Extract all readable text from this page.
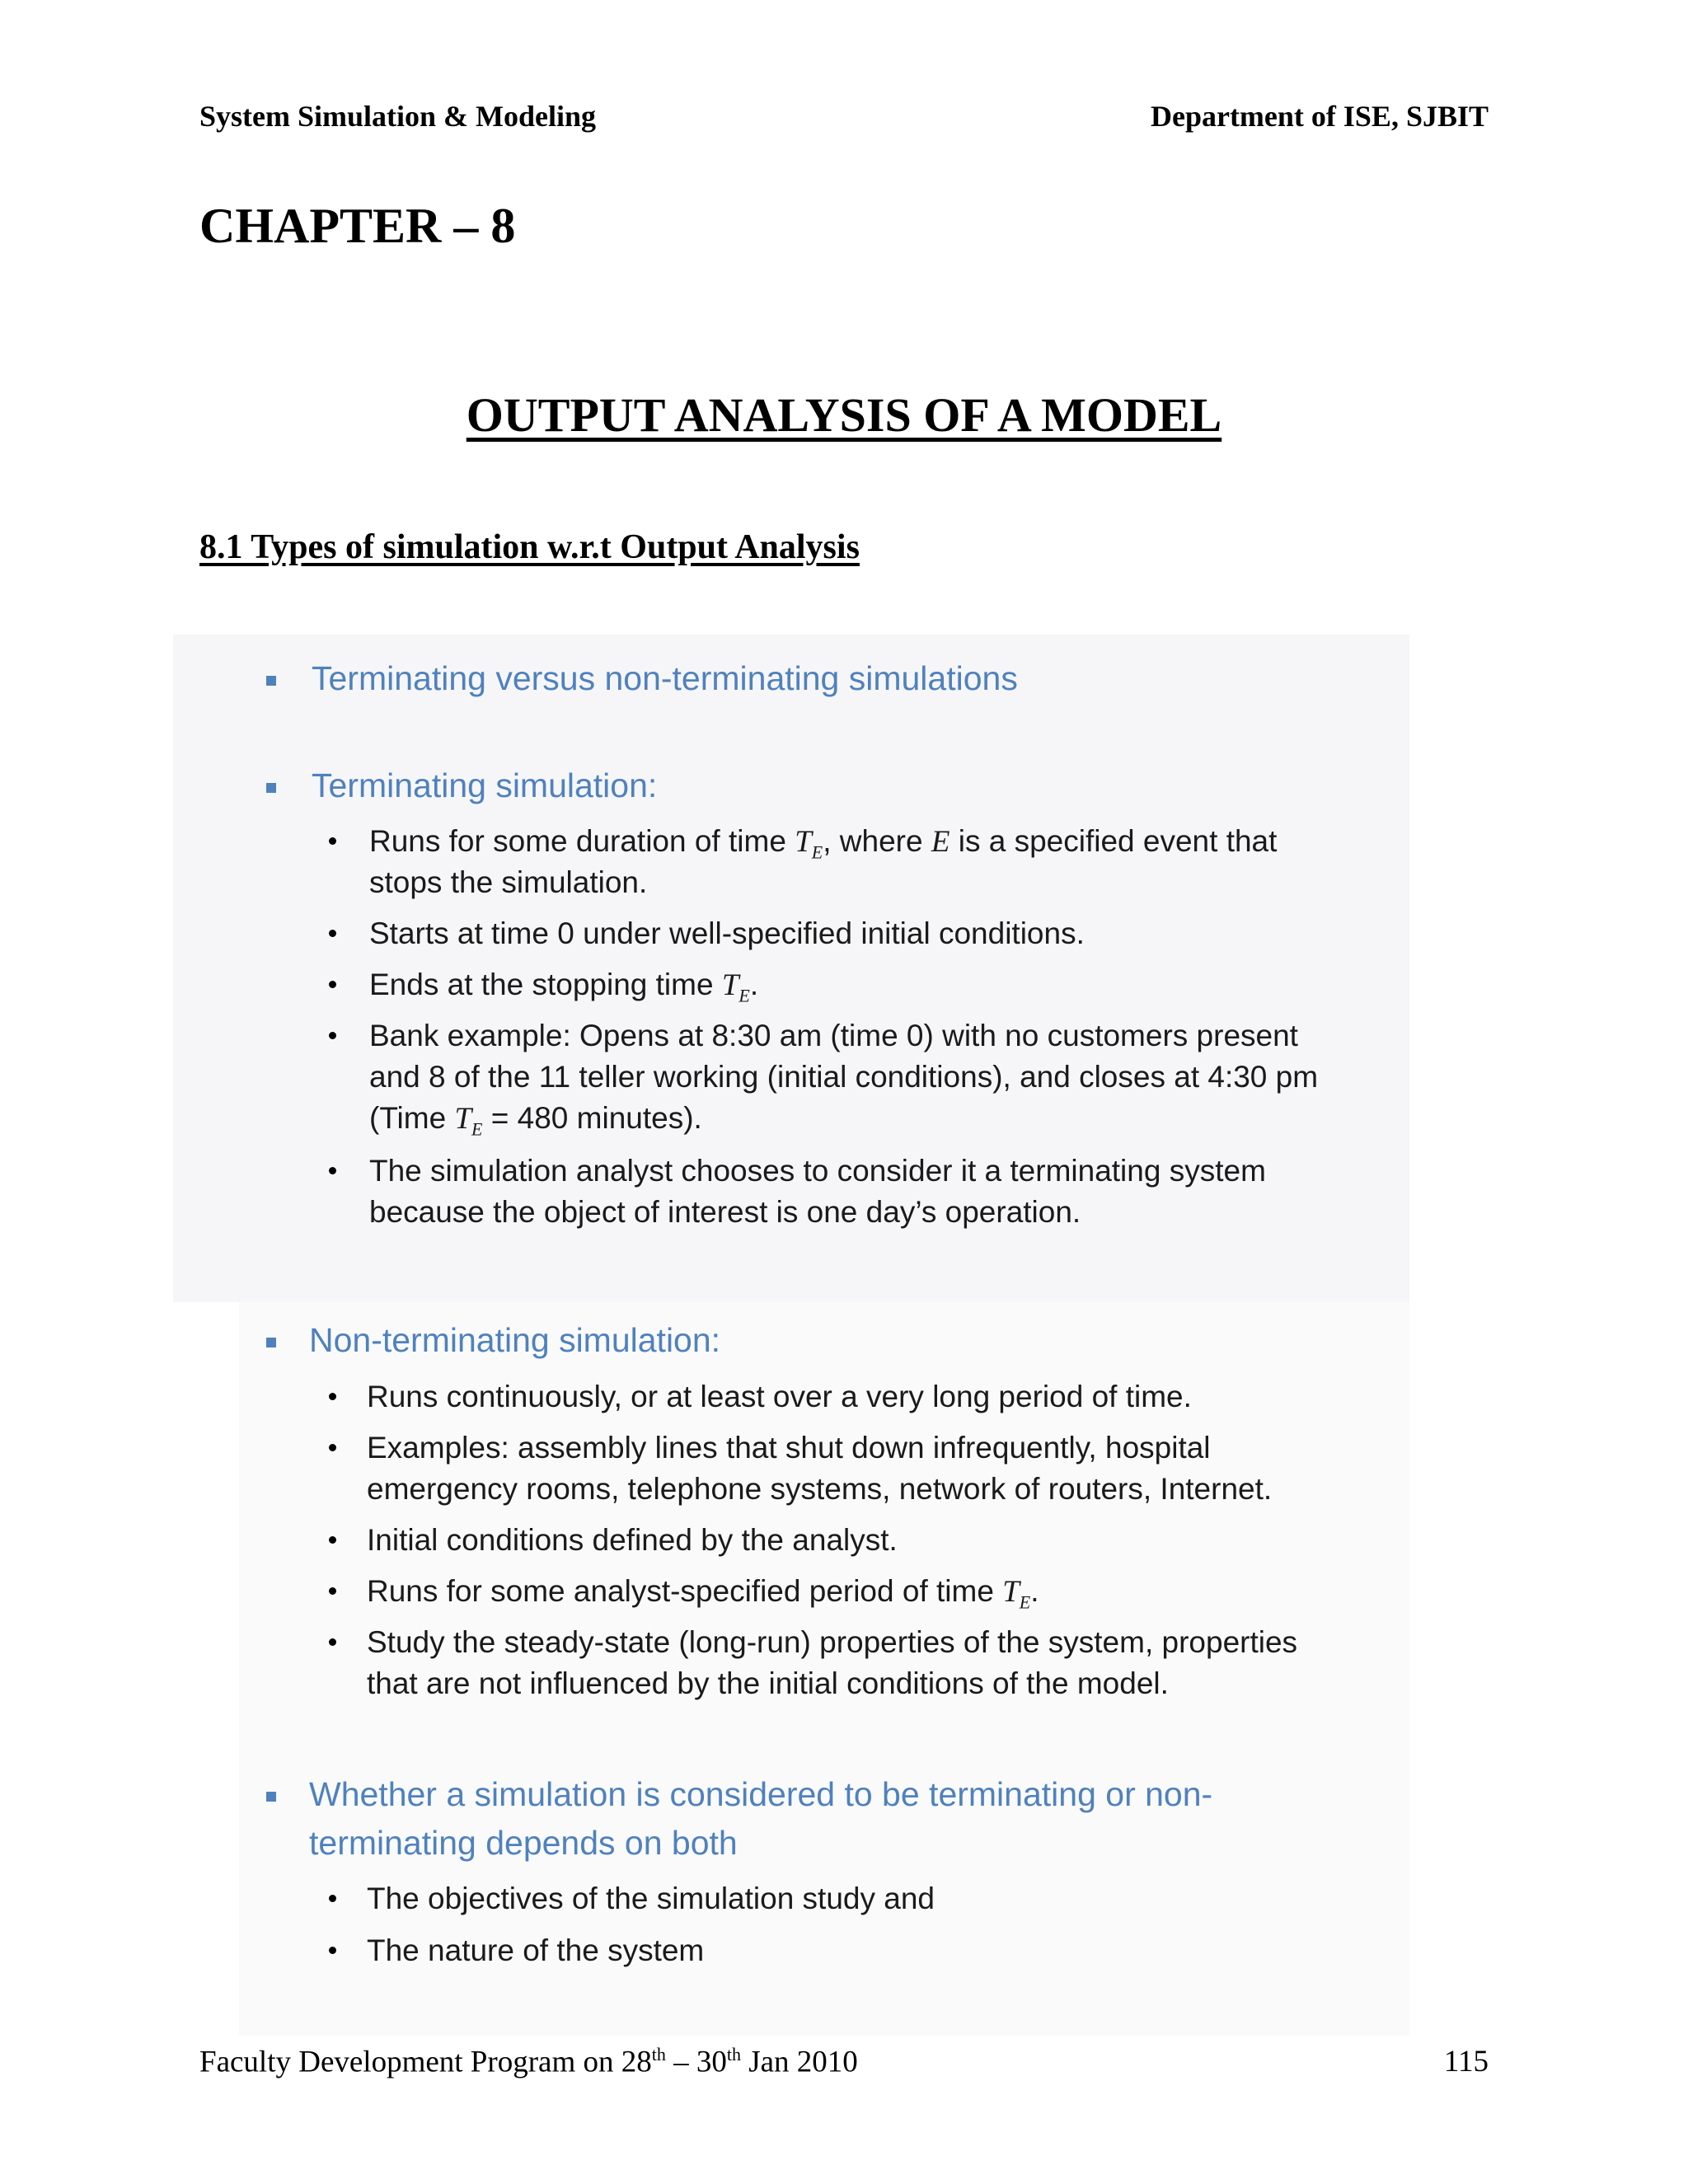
System Simulation & Modeling	Department of ISE, SJBIT
CHAPTER – 8
OUTPUT ANALYSIS OF A MODEL
8.1 Types of simulation w.r.t Output Analysis
Terminating versus non-terminating simulations
Terminating simulation:
Runs for some duration of time $T_E$, where E is a specified event that
stops the simulation.
Starts at time 0 under well-specified initial conditions.
Ends at the stopping time $T_E$.
Bank example: Opens at 8:30 am (time 0) with no customers present
and 8 of the 11 teller working (initial conditions), and closes at 4:30 pm
(Time $T_E = 480$ minutes).
The simulation analyst chooses to consider it a terminating system
because the object of interest is one day’s operation.
Non-terminating simulation:
Runs continuously, or at least over a very long period of time.
Examples: assembly lines that shut down infrequently, hospital
emergency rooms, telephone systems, network of routers, Internet.
Initial conditions defined by the analyst.
Runs for some analyst-specified period of time $T_E$.
Study the steady-state (long-run) properties of the system, properties
that are not influenced by the initial conditions of the model.
Whether a simulation is considered to be terminating or non-
terminating depends on both
The objectives of the simulation study and
The nature of the system
Faculty Development Program on 28th – 30th Jan 2010	115
